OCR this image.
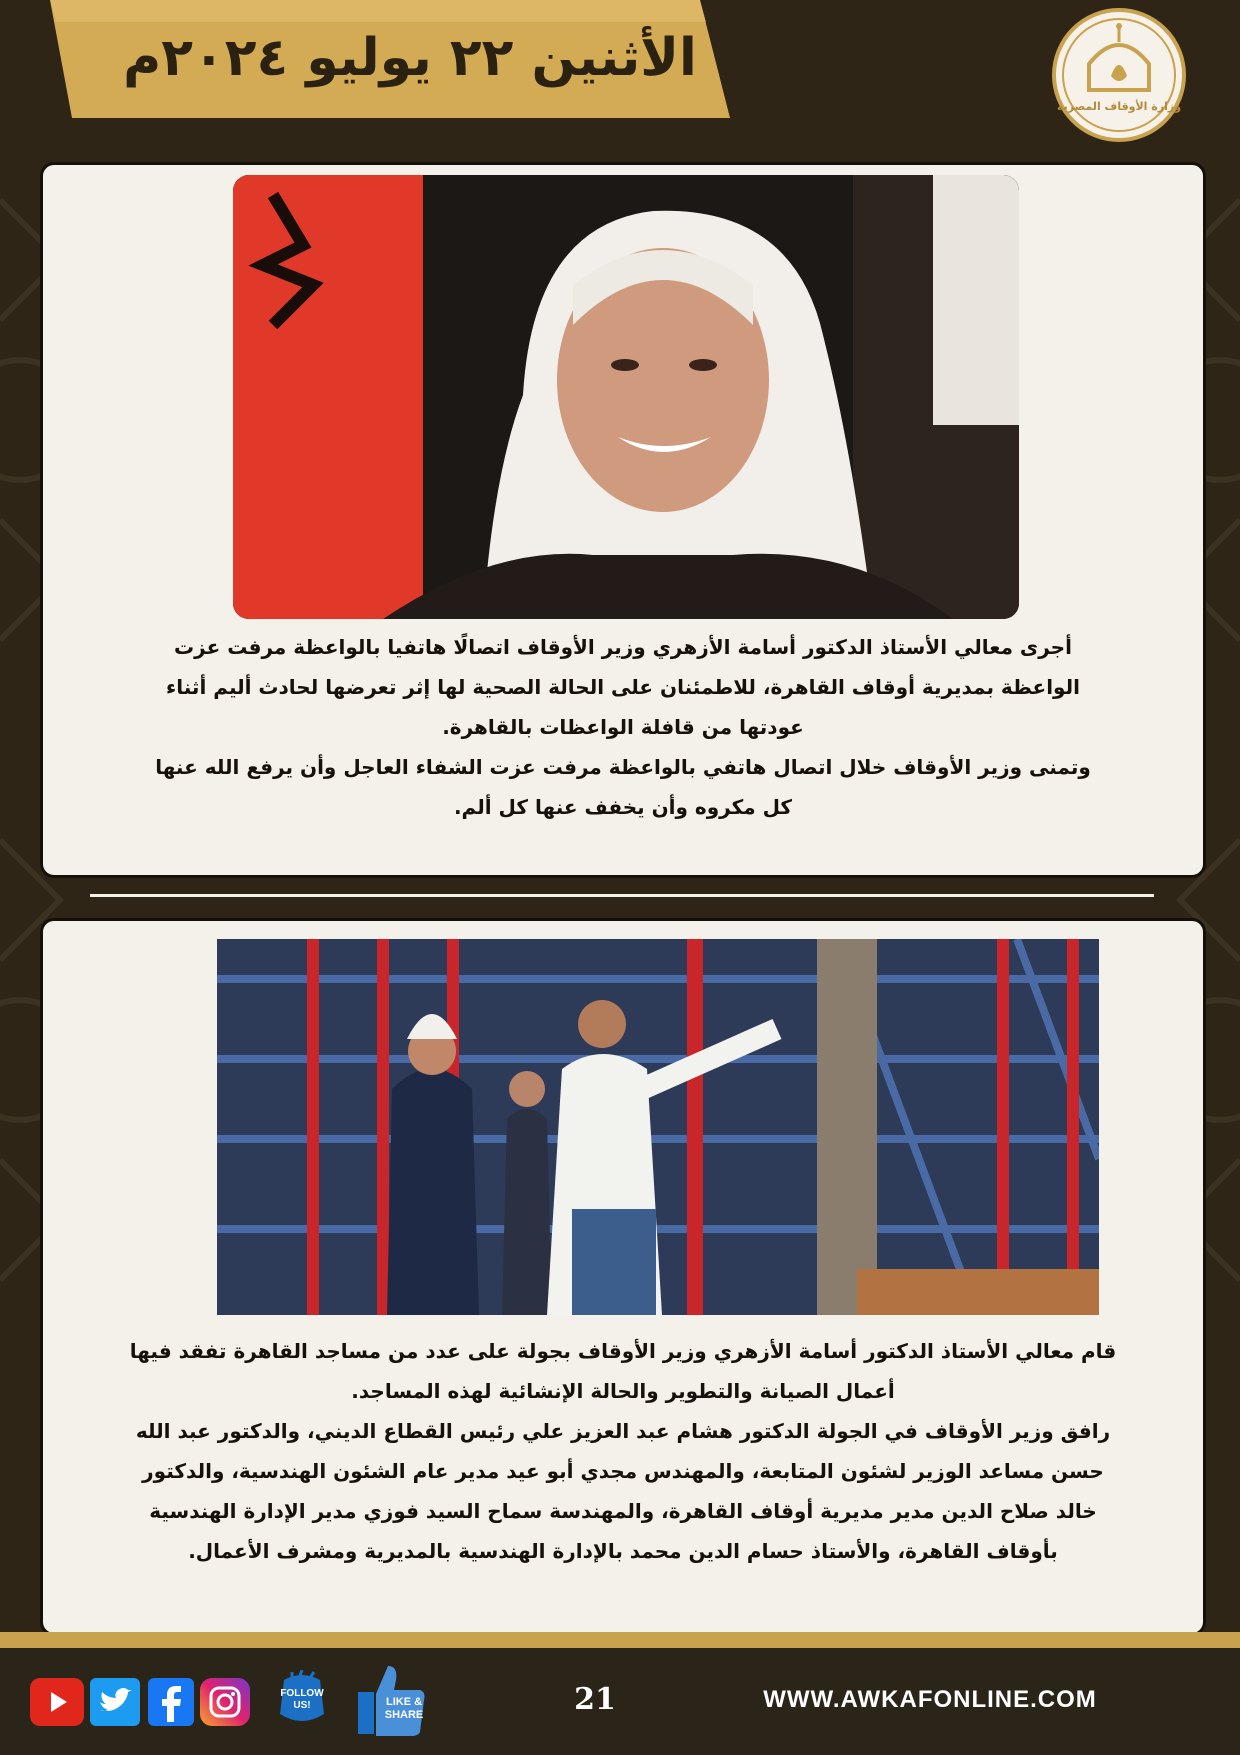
الأثنين ٢٢ يوليو ٢٠٢٤م
وزارة الأوقاف المصرية

أجرى معالي الأستاذ الدكتور أسامة الأزهري وزير الأوقاف اتصالًا هاتفيا بالواعظة مرفت عزت

الواعظة بمديرية أوقاف القاهرة، للاطمئنان على الحالة الصحية لها إثر تعرضها لحادث أليم أثناء

عودتها من قافلة الواعظات بالقاهرة.

وتمنى وزير الأوقاف خلال اتصال هاتفي بالواعظة مرفت عزت الشفاء العاجل وأن يرفع الله عنها

كل مكروه وأن يخفف عنها كل ألم.

قام معالي الأستاذ الدكتور أسامة الأزهري وزير الأوقاف بجولة على عدد من مساجد القاهرة تفقد فيها

أعمال الصيانة والتطوير والحالة الإنشائية لهذه المساجد.

رافق وزير الأوقاف في الجولة الدكتور هشام عبد العزيز علي رئيس القطاع الديني، والدكتور عبد الله

حسن مساعد الوزير لشئون المتابعة، والمهندس مجدي أبو عيد مدير عام الشئون الهندسية، والدكتور

خالد صلاح الدين مدير مديرية أوقاف القاهرة، والمهندسة سماح السيد فوزي مدير الإدارة الهندسية

بأوقاف القاهرة، والأستاذ حسام الدين محمد بالإدارة الهندسية بالمديرية ومشرف الأعمال.

FOLLOW US!	LIKE & SHARE	21	WWW.AWKAFONLINE.COM
